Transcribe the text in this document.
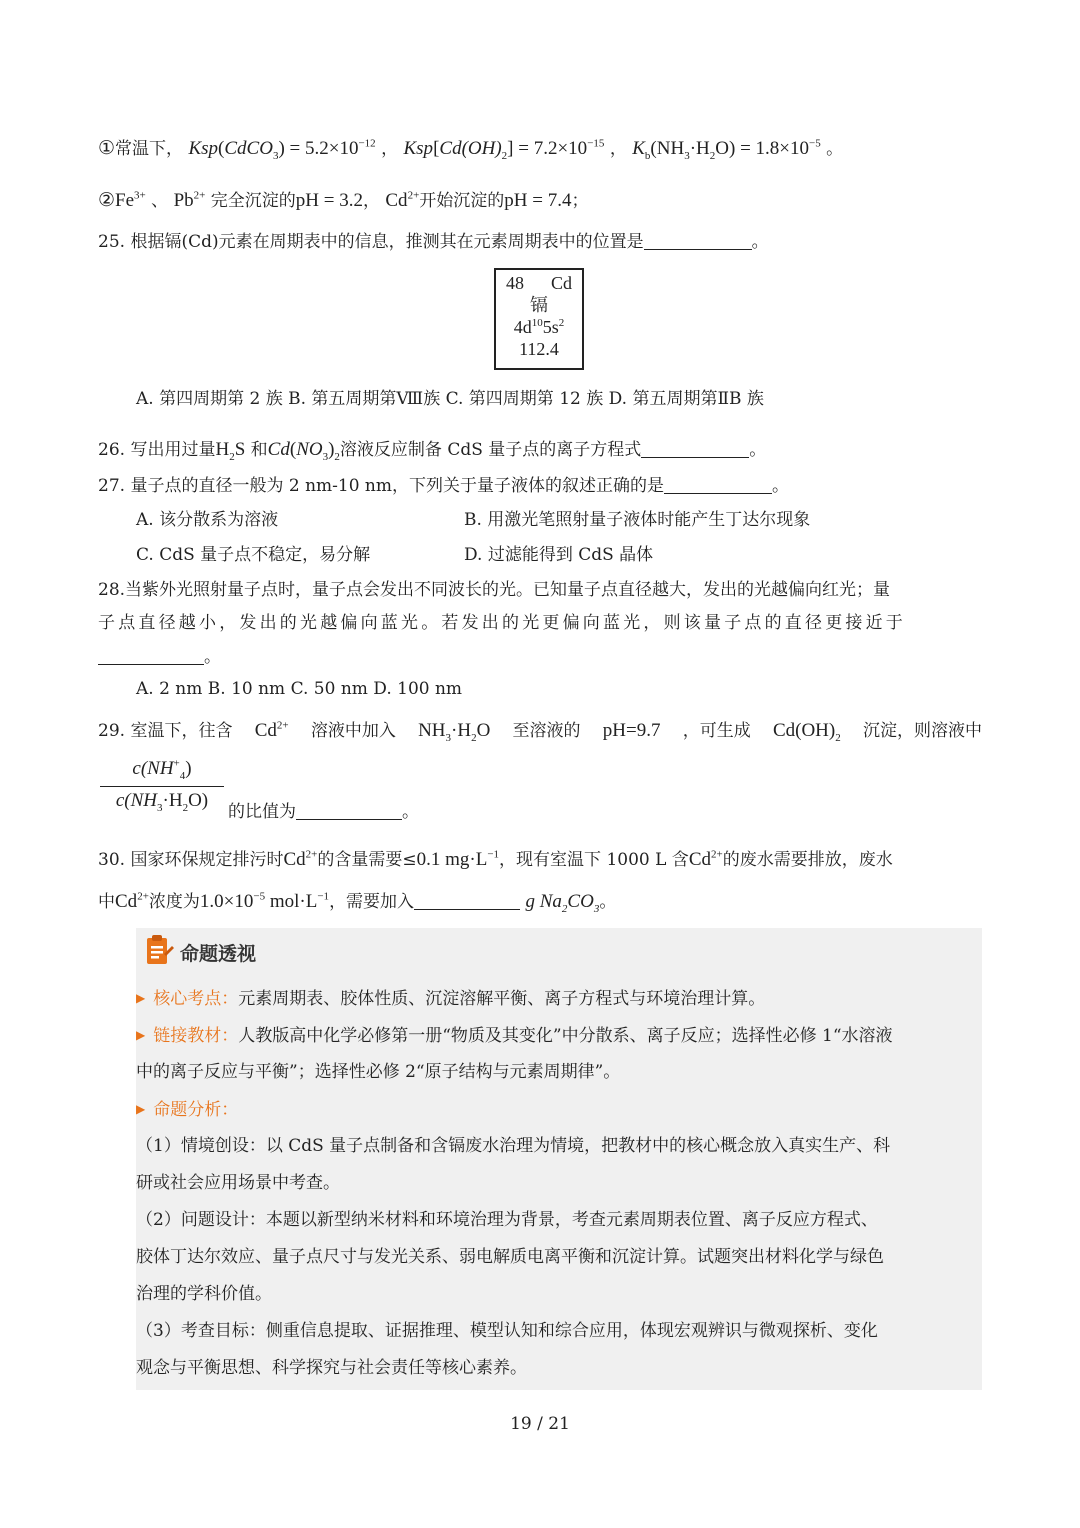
①常温下， Ksp(CdCO$_3$) = $5.2\times 10^{-12}$ ， $Ksp[Cd(OH)_2] = 7.2\times 10^{-15}$ ， $K_b(NH_3\cdot H_2O) = 1.8\times 10^{-5}$ 。
$②Fe^{3+}$ 、 $Pb^{2+}$ 完全沉淀的pH = 3.2， $Cd^{2+}$开始沉淀的pH = 7.4；
25. 根据镉(Cd)元素在周期表中的信息，推测其在元素周期表中的位置是	。
48 Cd
镉
$4d^{10}5s^2$
112.4
A. 第四周期第 2 族 B. 第五周期第Ⅷ族 C. 第四周期第 12 族 D. 第五周期第ⅡB 族
26. 写出用过量$H_2S$ 和$Cd(NO_3)_2$溶液反应制备 CdS 量子点的离子方程式	。
27. 量子点的直径一般为 2 nm-10 nm，下列关于量子液体的叙述正确的是	。
A. 该分散系为溶液	B. 用激光笔照射量子液体时能产生丁达尔现象
C. CdS 量子点不稳定，易分解	D. 过滤能得到 CdS 晶体
28.当紫外光照射量子点时，量子点会发出不同波长的光。已知量子点直径越大，发出的光越偏向红光；量
子点直径越小，发出的光越偏向蓝光。若发出的光更偏向蓝光，则该量子点的直径更接近于
。
A. 2 nm B. 10 nm C. 50 nm D. 100 nm
29. 室温下，往含 $Cd^{2+}$ 溶液中加入 $NH_3\cdot H_2O$ 至溶液的 pH=9.7 ，可生成 $Cd(OH)_2$ 沉淀，则溶液中
$c(NH^+_4)$
$c(NH_3\cdot H_2O)$
的比值为	。
30. 国家环保规定排污时$Cd^{2+}$的含量需要≤0.1 $mg\cdot L^{-1}$，现有室温下 1000 L 含$Cd^{2+}$的废水需要排放，废水
中$Cd^{2+}$浓度为$1.0\times 10^{-5}$ $mol\cdot L^{-1}$，需要加入	g $Na_2CO_3$。
命题透视
▶ 核心考点：元素周期表、胶体性质、沉淀溶解平衡、离子方程式与环境治理计算。
▶ 链接教材：人教版高中化学必修第一册“物质及其变化”中分散系、离子反应；选择性必修 1“水溶液
中的离子反应与平衡”；选择性必修 2“原子结构与元素周期律”。
▶ 命题分析：
（1）情境创设：以 CdS 量子点制备和含镉废水治理为情境，把教材中的核心概念放入真实生产、科
研或社会应用场景中考查。
（2）问题设计：本题以新型纳米材料和环境治理为背景，考查元素周期表位置、离子反应方程式、
胶体丁达尔效应、量子点尺寸与发光关系、弱电解质电离平衡和沉淀计算。试题突出材料化学与绿色
治理的学科价值。
（3）考查目标：侧重信息提取、证据推理、模型认知和综合应用，体现宏观辨识与微观探析、变化
观念与平衡思想、科学探究与社会责任等核心素养。
19 / 21
